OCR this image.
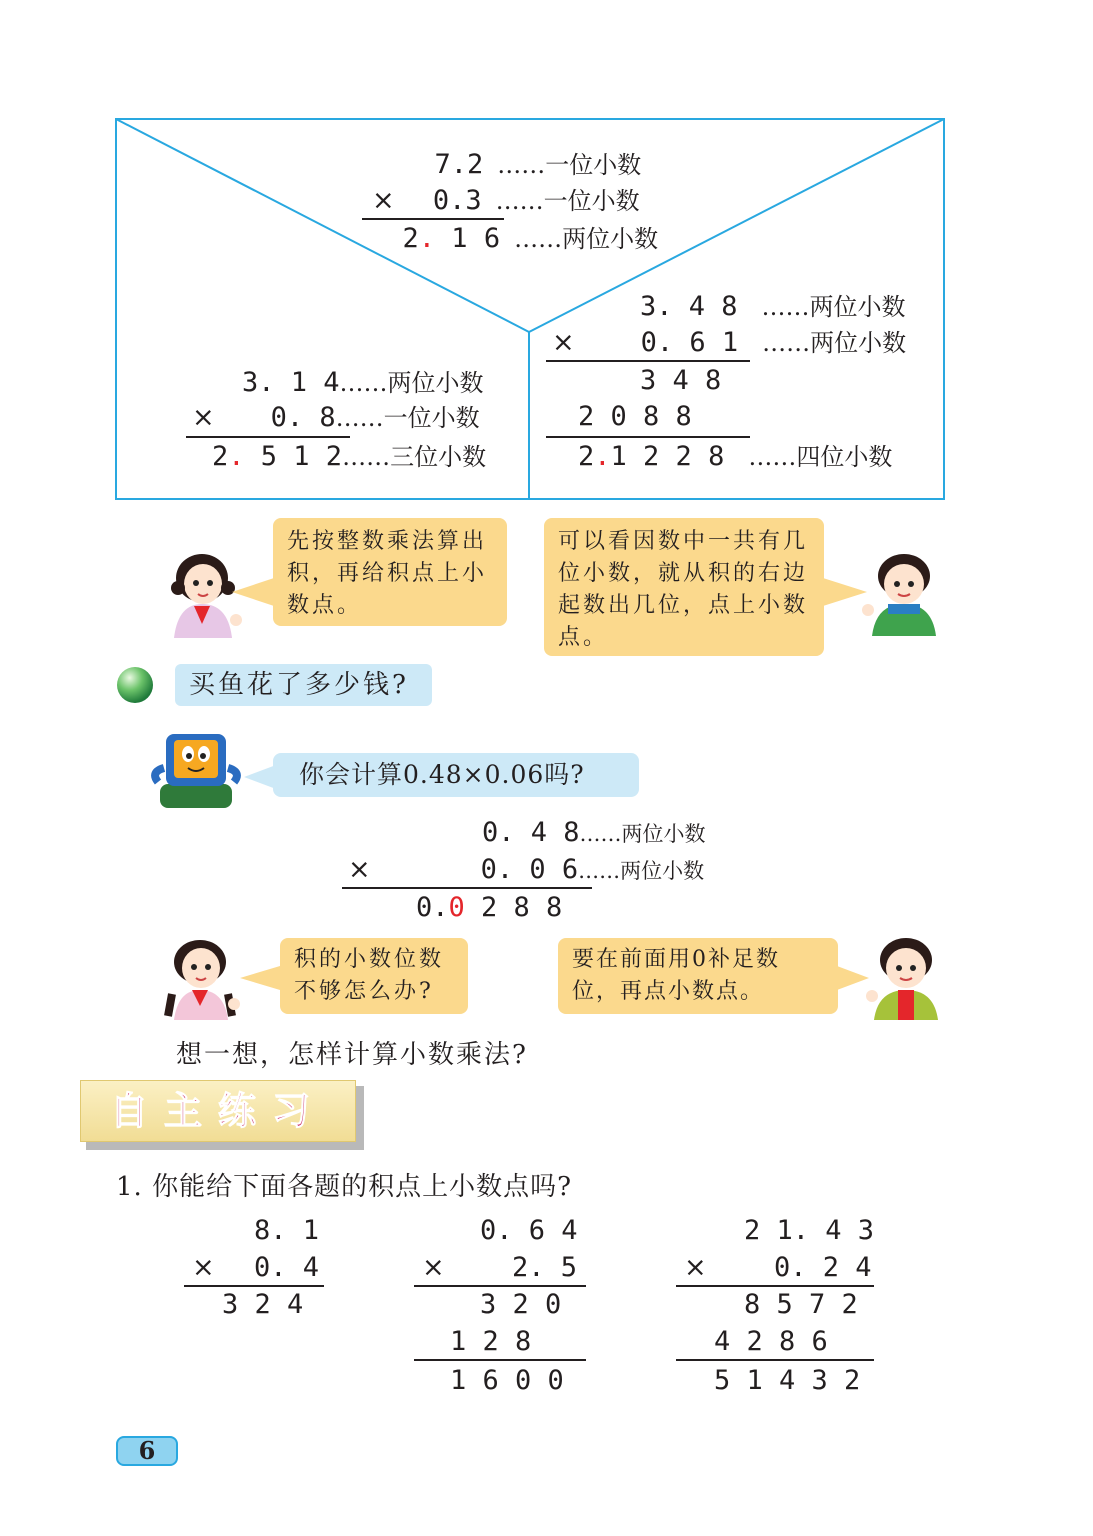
7.2 ……一位小数
× 0.3 ……一位小数
2. 1 6 ……两位小数
3. 1 4……两位小数
× 0. 8……一位小数
2. 5 1 2……三位小数
3. 4 8 ……两位小数
× 0. 6 1 ……两位小数
3 4 8
2 0 8 8
2.1 2 2 8 ……四位小数
先按整数乘法算出积，再给积点上小数点。
可以看因数中一共有几位小数，就从积的右边起数出几位，点上小数点。
买鱼花了多少钱?
你会计算0.48×0.06吗?
0. 4 8……两位小数
×	0. 0 6……两位小数
0.0 2 8 8
积的小数位数不够怎么办?
要在前面用0补足数位，再点小数点。
想一想，怎样计算小数乘法?
自主练习
1. 你能给下面各题的积点上小数点吗?
8. 1
× 0. 4
3 2 4
0. 6 4
× 2. 5
3 2 0
1 2 8
1 6 0 0
2 1. 4 3
× 0. 2 4
8 5 7 2
4 2 8 6
5 1 4 3 2
6
